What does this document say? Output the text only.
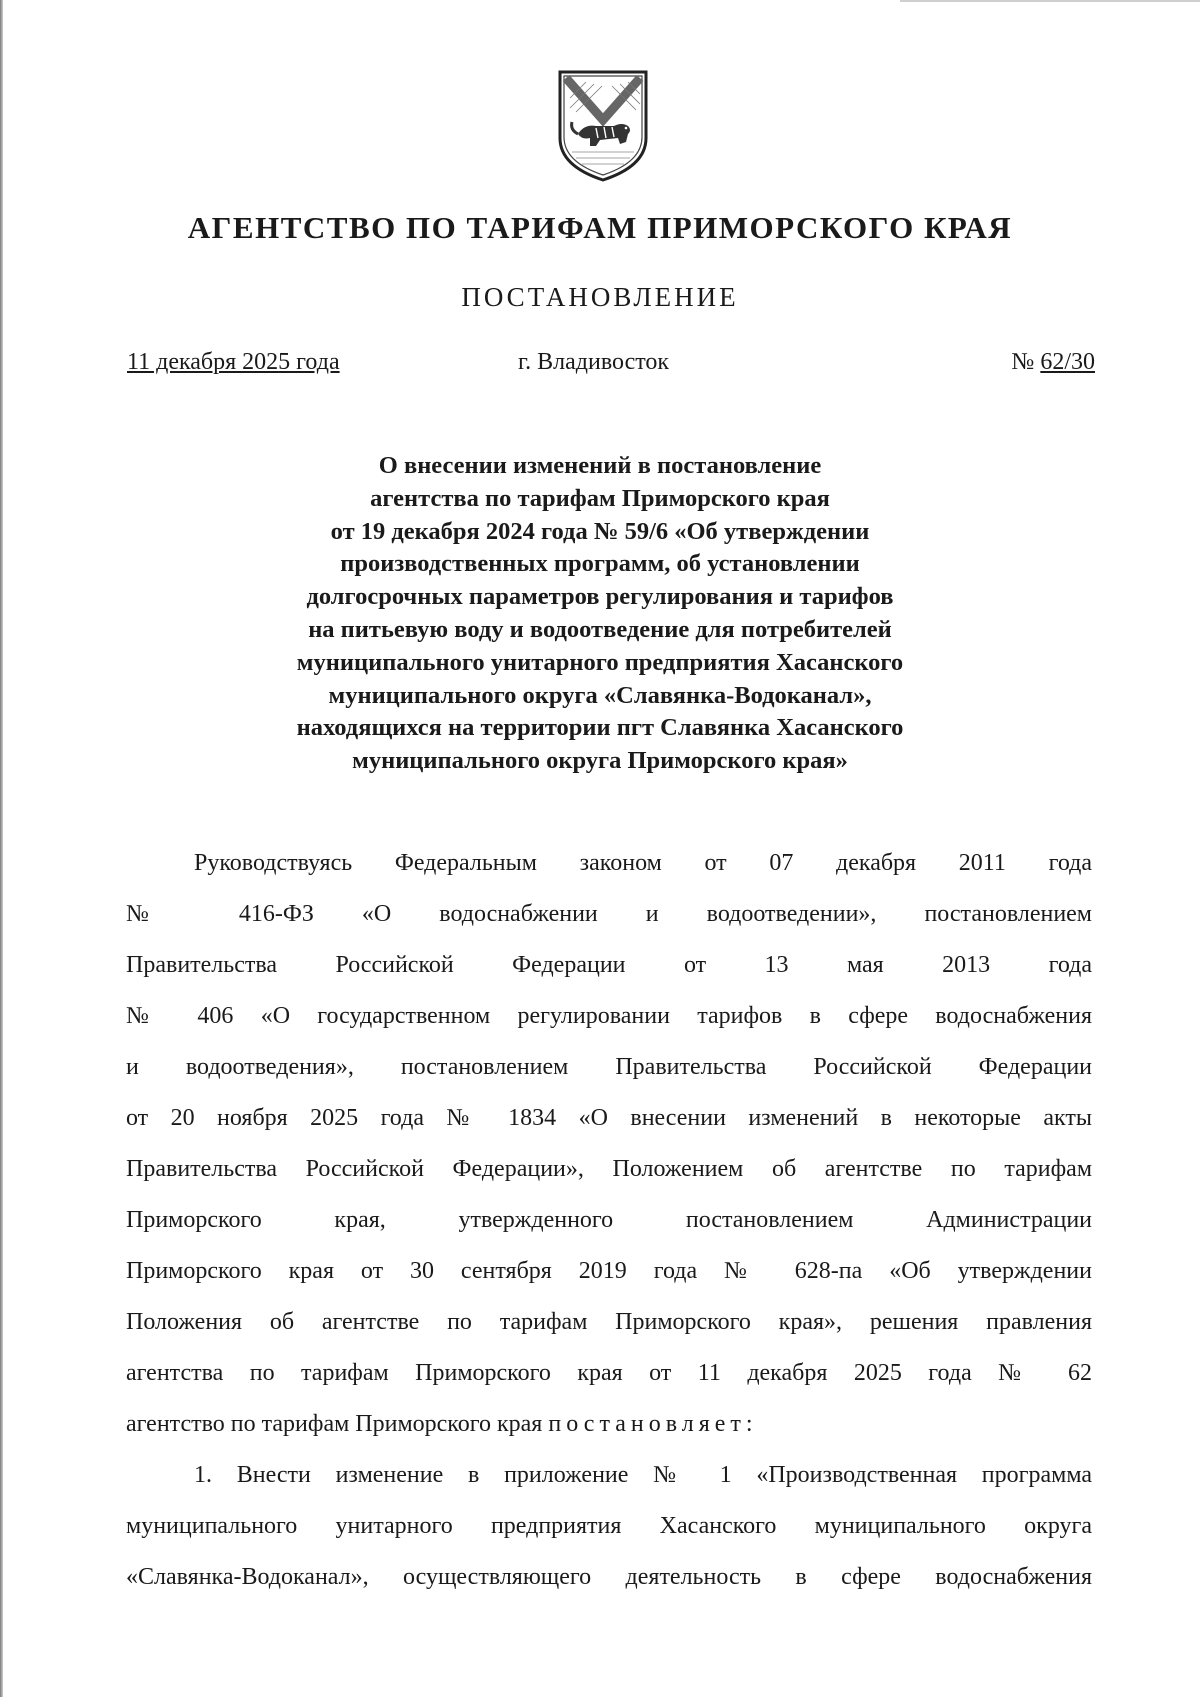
АГЕНТСТВО ПО ТАРИФАМ ПРИМОРСКОГО КРАЯ
ПОСТАНОВЛЕНИЕ
11 декабря 2025 года	г. Владивосток	№ 62/30
О внесении изменений в постановление
агентства по тарифам Приморского края
от 19 декабря 2024 года № 59/6 «Об утверждении
производственных программ, об установлении
долгосрочных параметров регулирования и тарифов
на питьевую воду и водоотведение для потребителей
муниципального унитарного предприятия Хасанского
муниципального округа «Славянка-Водоканал»,
находящихся на территории пгт Славянка Хасанского
муниципального округа Приморского края»

Руководствуясь Федеральным законом от 07 декабря 2011 года
№ 416-ФЗ «О водоснабжении и водоотведении», постановлением
Правительства Российской Федерации от 13 мая 2013 года
№ 406 «О государственном регулировании тарифов в сфере водоснабжения
и водоотведения», постановлением Правительства Российской Федерации
от 20 ноября 2025 года № 1834 «О внесении изменений в некоторые акты
Правительства Российской Федерации», Положением об агентстве по тарифам
Приморского края, утвержденного постановлением Администрации
Приморского края от 30 сентября 2019 года № 628-па «Об утверждении
Положения об агентстве по тарифам Приморского края», решения правления
агентства по тарифам Приморского края от 11 декабря 2025 года № 62
агентство по тарифам Приморского края постановляет:

1. Внести изменение в приложение № 1 «Производственная программа
муниципального унитарного предприятия Хасанского муниципального округа
«Славянка-Водоканал», осуществляющего деятельность в сфере водоснабжения
